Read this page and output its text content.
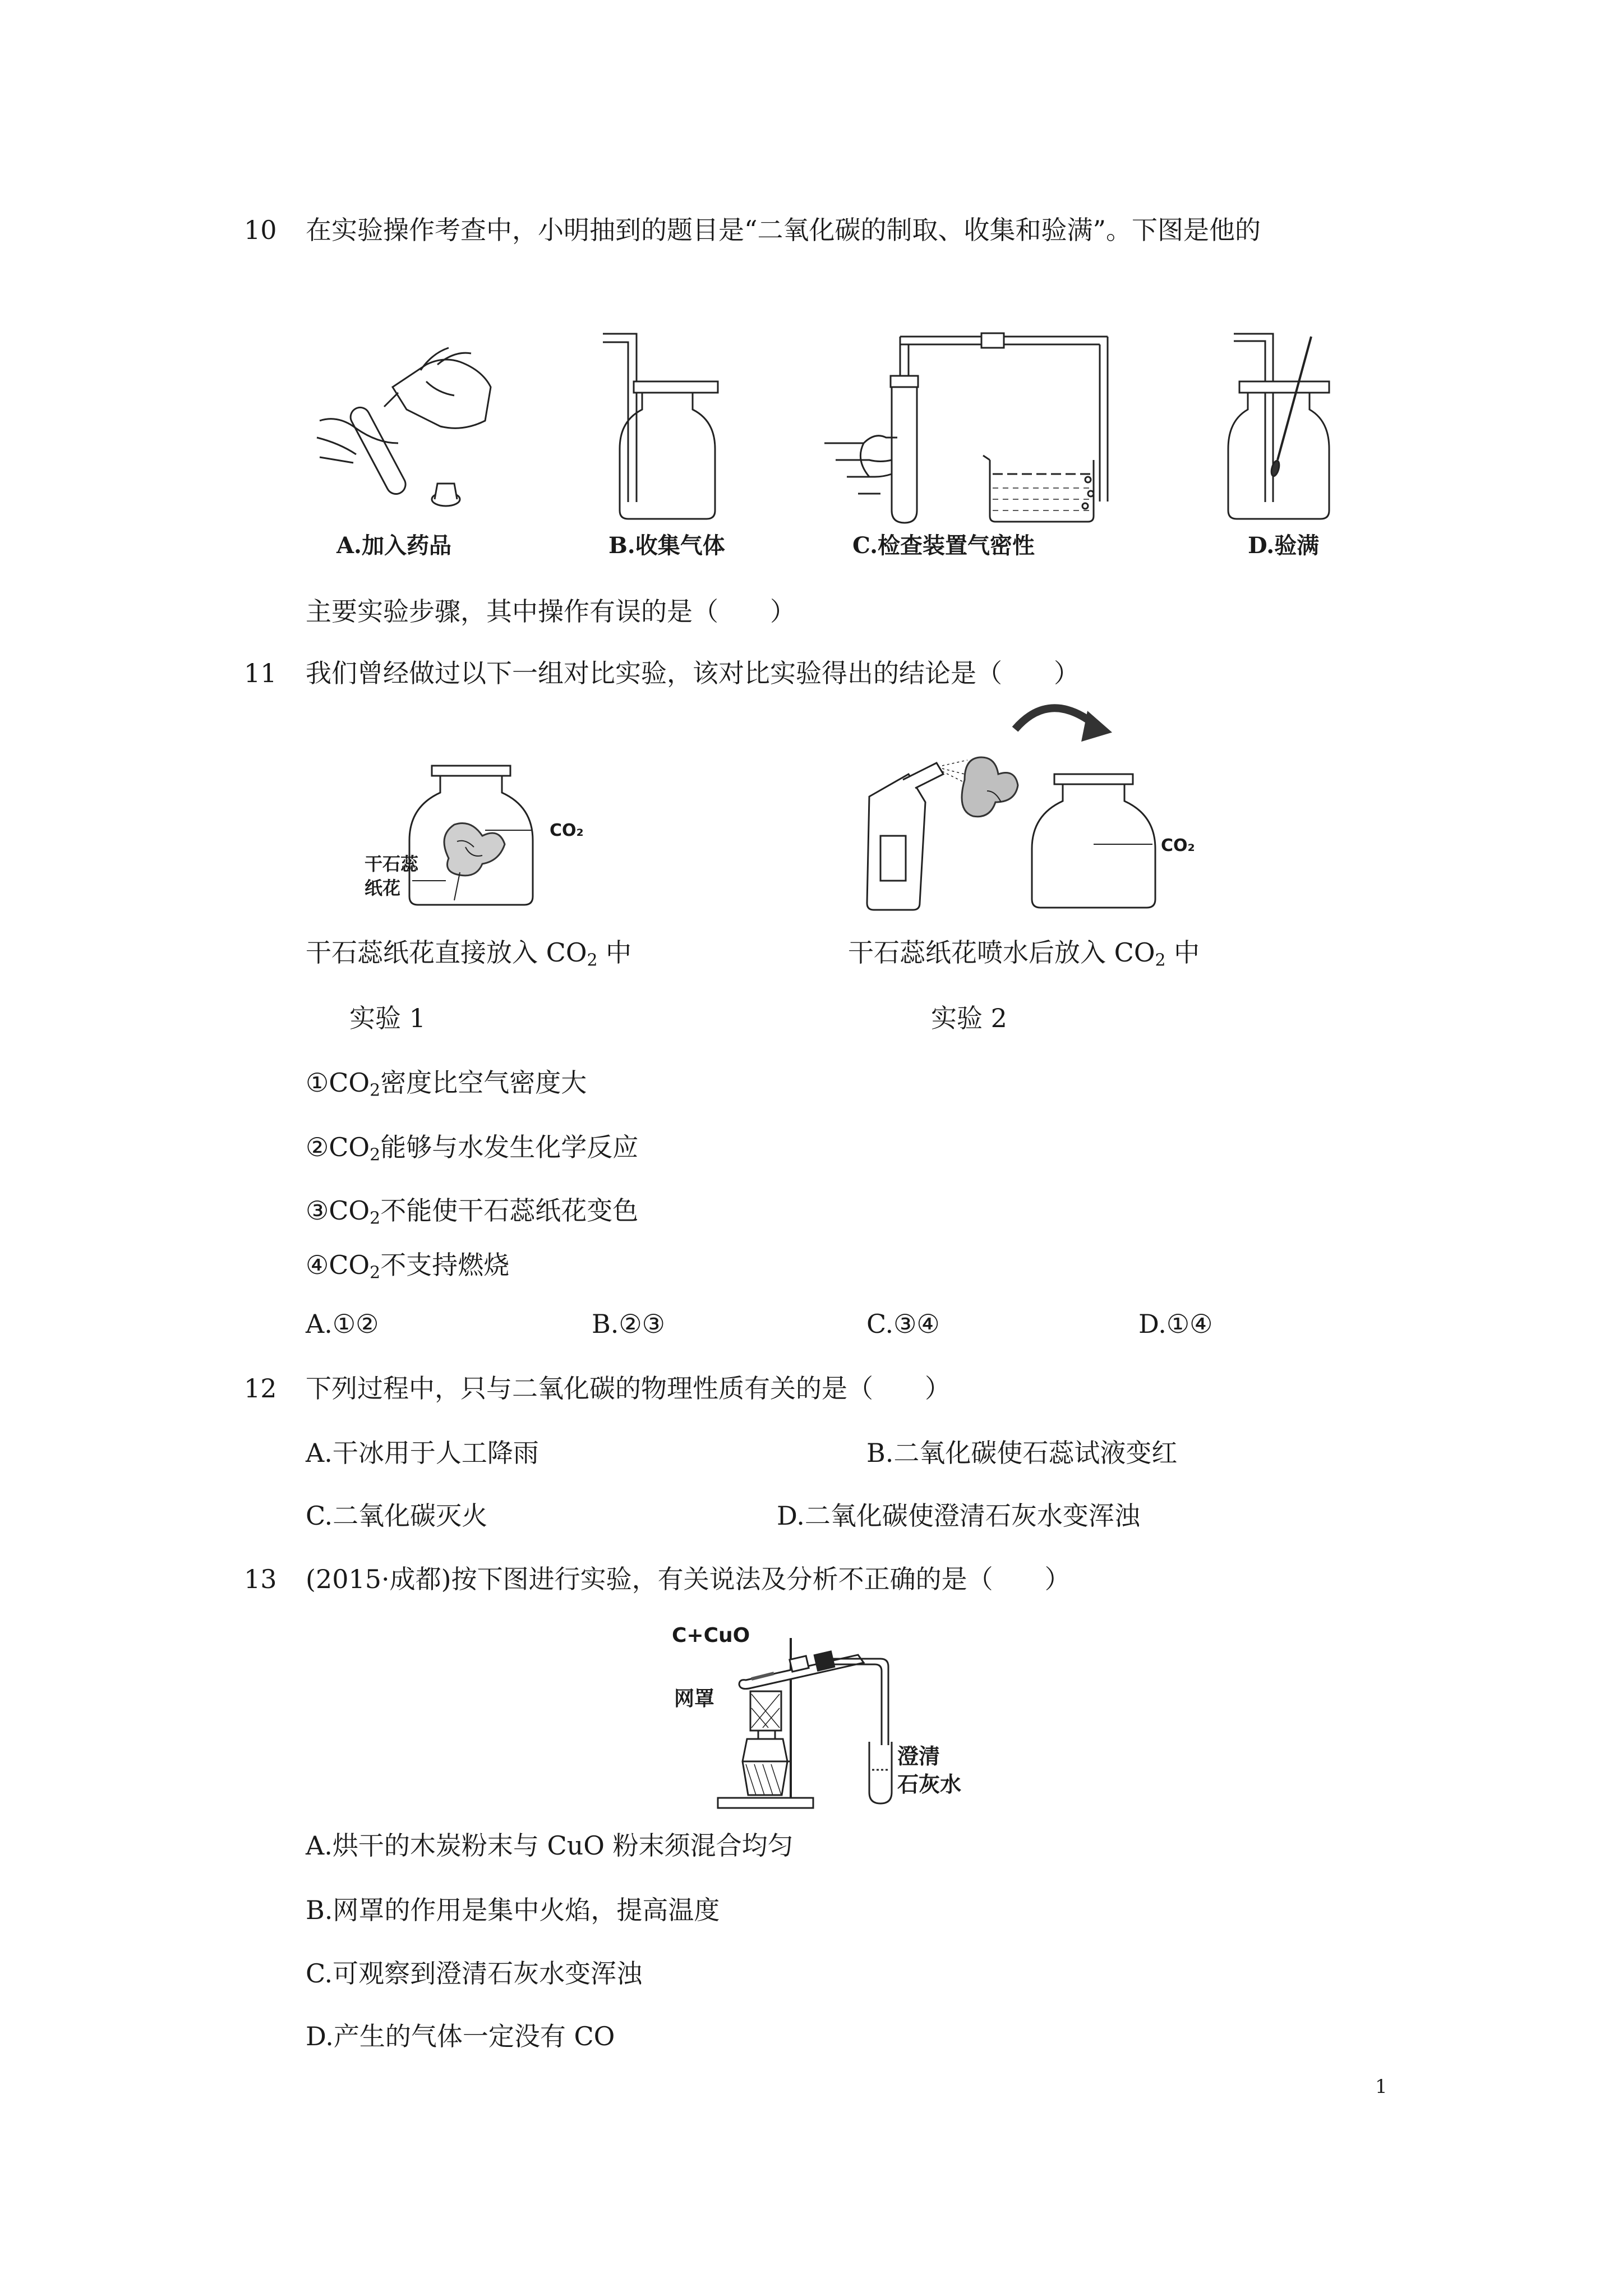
10 在实验操作考查中，小明抽到的题目是“二氧化碳的制取、收集和验满”。下图是他的
A.加入药品	B.收集气体	C.检查装置气密性	D.验满
主要实验步骤，其中操作有误的是（　　）
11 我们曾经做过以下一组对比实验，该对比实验得出的结论是（　　）
CO₂
干石蕊
纸花
CO₂
干石蕊纸花直接放入 $CO_2$ 中	干石蕊纸花喷水后放入 $CO_2$ 中
实验 1	实验 2
$①CO_2$密度比空气密度大
$②CO_2$能够与水发生化学反应
$③CO_2$不能使干石蕊纸花变色
$④CO_2$不支持燃烧
A.①②	B.②③	C.③④	D.①④
12 下列过程中，只与二氧化碳的物理性质有关的是（　　）
A.干冰用于人工降雨	B.二氧化碳使石蕊试液变红
C.二氧化碳灭火	D.二氧化碳使澄清石灰水变浑浊
13 (2015·成都)按下图进行实验，有关说法及分析不正确的是（　　）
C+CuO
网罩
澄清
石灰水
A.烘干的木炭粉末与 CuO 粉末须混合均匀
B.网罩的作用是集中火焰，提高温度
C.可观察到澄清石灰水变浑浊
D.产生的气体一定没有 CO
1
